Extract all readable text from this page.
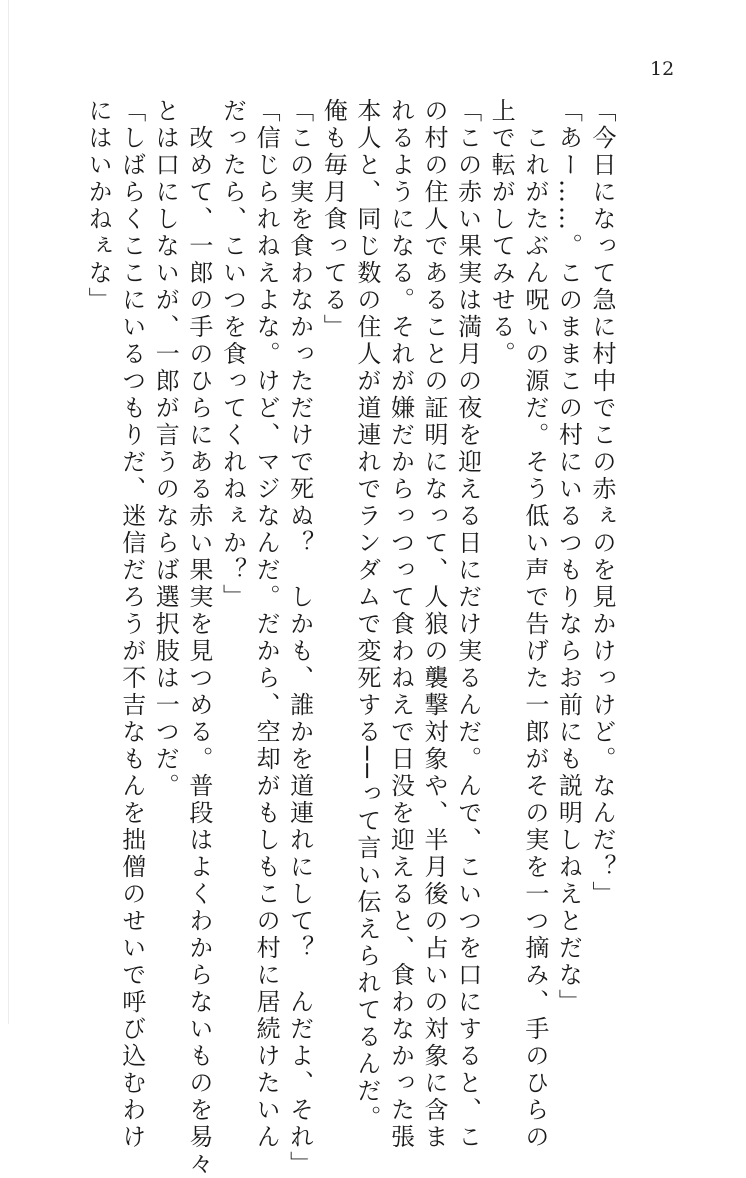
12
「今日になって急に村中でこの赤ぇのを見かけっけど。なんだ？」
「あー……。このままこの村にいるつもりならお前にも説明しねえとだな」
　これがたぶん呪いの源だ。そう低い声で告げた一郎がその実を一つ摘み、手のひらの
上で転がしてみせる。
「この赤い果実は満月の夜を迎える日にだけ実るんだ。んで、こいつを口にすると、こ
の村の住人であることの証明になって、人狼の襲撃対象や、半月後の占いの対象に含ま
れるようになる。それが嫌だからっつって食わねえで日没を迎えると、食わなかった張
本人と、同じ数の住人が道連れでランダムで変死する──って言い伝えられてるんだ。
俺も毎月食ってる」
「この実を食わなかっただけで死ぬ？　しかも、誰かを道連れにして？　んだよ、それ」
「信じられねえよな。けど、マジなんだ。だから、空却がもしもこの村に居続けたいん
だったら、こいつを食ってくれねぇか？」
　改めて、一郎の手のひらにある赤い果実を見つめる。普段はよくわからないものを易々
とは口にしないが、一郎が言うのならば選択肢は一つだ。
「しばらくここにいるつもりだ、迷信だろうが不吉なもんを拙僧のせいで呼び込むわけ
にはいかねぇな」
